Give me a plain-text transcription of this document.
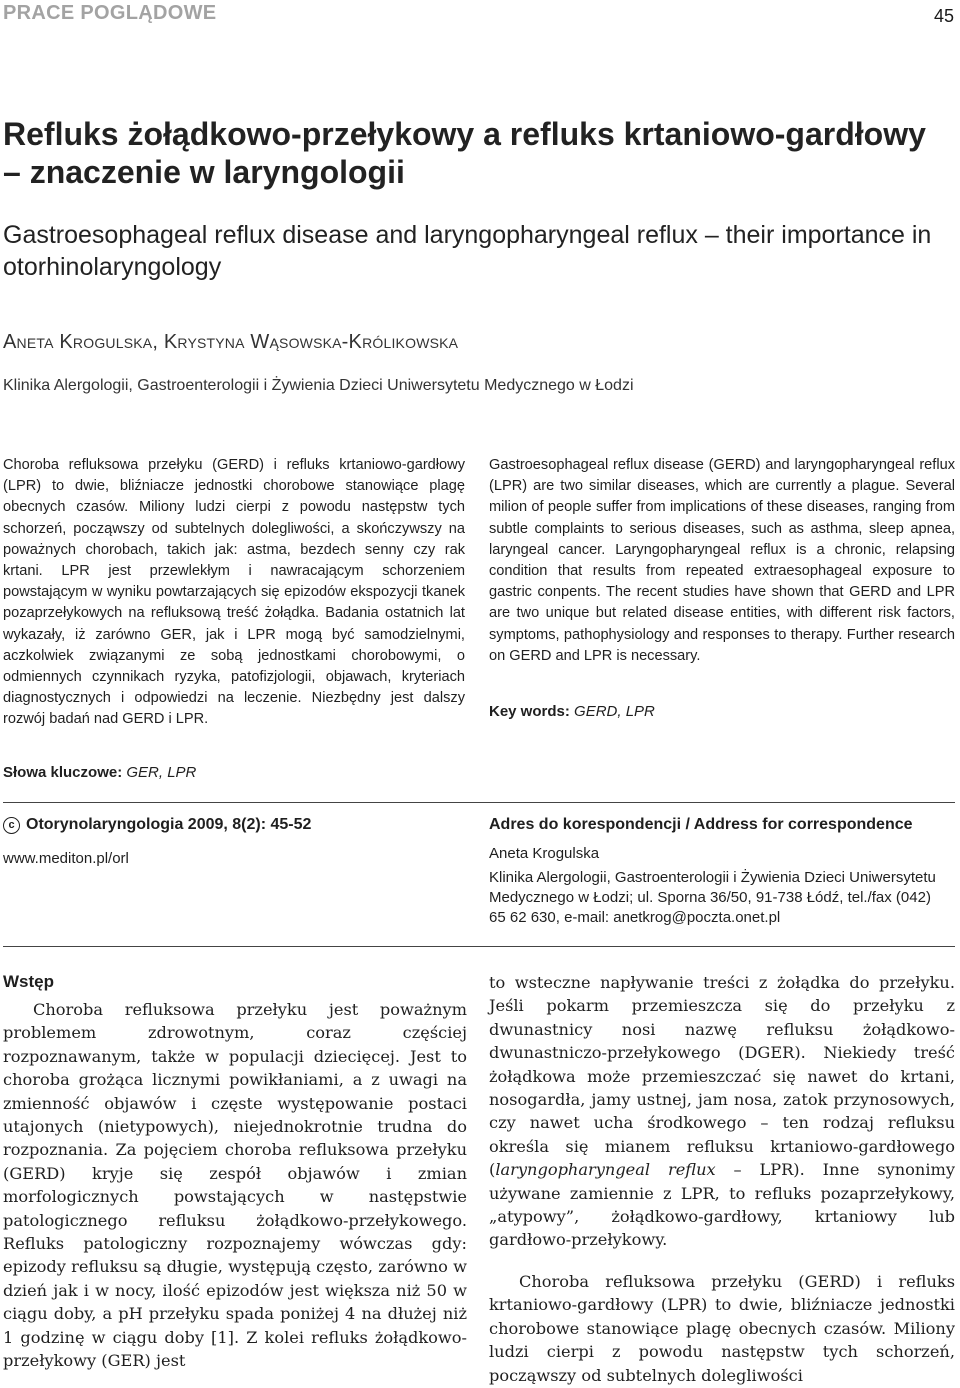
PRACE POGLĄDOWE	45
Refluks żołądkowo-przełykowy a refluks krtaniowo-gardłowy – znaczenie w laryngologii
Gastroesophageal reflux disease and laryngopharyngeal reflux – their importance in otorhinolaryngology
Aneta Krogulska, Krystyna Wąsowska-Królikowska
Klinika Alergologii, Gastroenterologii i Żywienia Dzieci Uniwersytetu Medycznego w Łodzi
Choroba refluksowa przełyku (GERD) i refluks krtaniowo-gardłowy (LPR) to dwie, bliźniacze jednostki chorobowe stanowiące plagę obecnych czasów. Miliony ludzi cierpi z powodu następstw tych schorzeń, począwszy od subtelnych dolegliwości, a skończywszy na poważnych chorobach, takich jak: astma, bezdech senny czy rak krtani. LPR jest przewlekłym i nawracającym schorzeniem powstającym w wyniku powtarzających się epizodów ekspozycji tkanek pozaprzełykowych na refluksową treść żołądka. Badania ostatnich lat wykazały, iż zarówno GER, jak i LPR mogą być samodzielnymi, aczkolwiek związanymi ze sobą jednostkami chorobowymi, o odmiennych czynnikach ryzyka, patofizjologii, objawach, kryteriach diagnostycznych i odpowiedzi na leczenie. Niezbędny jest dalszy rozwój badań nad GERD i LPR.
Słowa kluczowe: GER, LPR
Gastroesophageal reflux disease (GERD) and laryngopharyngeal reflux (LPR) are two similar diseases, which are currently a plague. Several milion of people suffer from implications of these diseases, ranging from subtle complaints to serious diseases, such as asthma, sleep apnea, laryngeal cancer. Laryngopharyngeal reflux is a chronic, relapsing condition that results from repeated extraesophageal exposure to gastric conpents. The recent studies have shown that GERD and LPR are two unique but related disease entities, with different risk factors, symptoms, pathophysiology and responses to therapy. Further research on GERD and LPR is necessary.
Key words: GERD, LPR
c Otorynolaryngologia 2009, 8(2): 45-52
www.mediton.pl/orl
Adres do korespondencji / Address for correspondence
Aneta Krogulska
Klinika Alergologii, Gastroenterologii i Żywienia Dzieci Uniwersytetu Medycznego w Łodzi; ul. Sporna 36/50, 91-738 Łódź, tel./fax (042) 65 62 630, e-mail: anetkrog@poczta.onet.pl
Wstęp
Choroba refluksowa przełyku jest poważnym problemem zdrowotnym, coraz częściej rozpoznawanym, także w populacji dziecięcej. Jest to choroba grożąca licznymi powikłaniami, a z uwagi na zmienność objawów i częste występowanie postaci utajonych (nietypowych), niejednokrotnie trudna do rozpoznania. Za pojęciem choroba refluksowa przełyku (GERD) kryje się zespół objawów i zmian morfologicznych powstających w następstwie patologicznego refluksu żołądkowo-przełykowego. Refluks patologiczny rozpoznajemy wówczas gdy: epizody refluksu są długie, występują często, zarówno w dzień jak i w nocy, ilość epizodów jest większa niż 50 w ciągu doby, a pH przełyku spada poniżej 4 na dłużej niż 1 godzinę w ciągu doby [1]. Z kolei refluks żołądkowo-przełykowy (GER) jest
to wsteczne napływanie treści z żołądka do przełyku. Jeśli pokarm przemieszcza się do przełyku z dwunastnicy nosi nazwę refluksu żołądkowo-dwunastniczo-przełykowego (DGER). Niekiedy treść żołądkowa może przemieszczać się nawet do krtani, nosogardła, jamy ustnej, jam nosa, zatok przynosowych, czy nawet ucha środkowego – ten rodzaj refluksu określa się mianem refluksu krtaniowo-gardłowego (laryngopharyngeal reflux – LPR). Inne synonimy używane zamiennie z LPR, to refluks pozaprzełykowy, „atypowy”, żołądkowo-gardłowy, krtaniowy lub gardłowo-przełykowy.
Choroba refluksowa przełyku (GERD) i refluks krtaniowo-gardłowy (LPR) to dwie, bliźniacze jednostki chorobowe stanowiące plagę obecnych czasów. Miliony ludzi cierpi z powodu następstw tych schorzeń, począwszy od subtelnych dolegliwości
